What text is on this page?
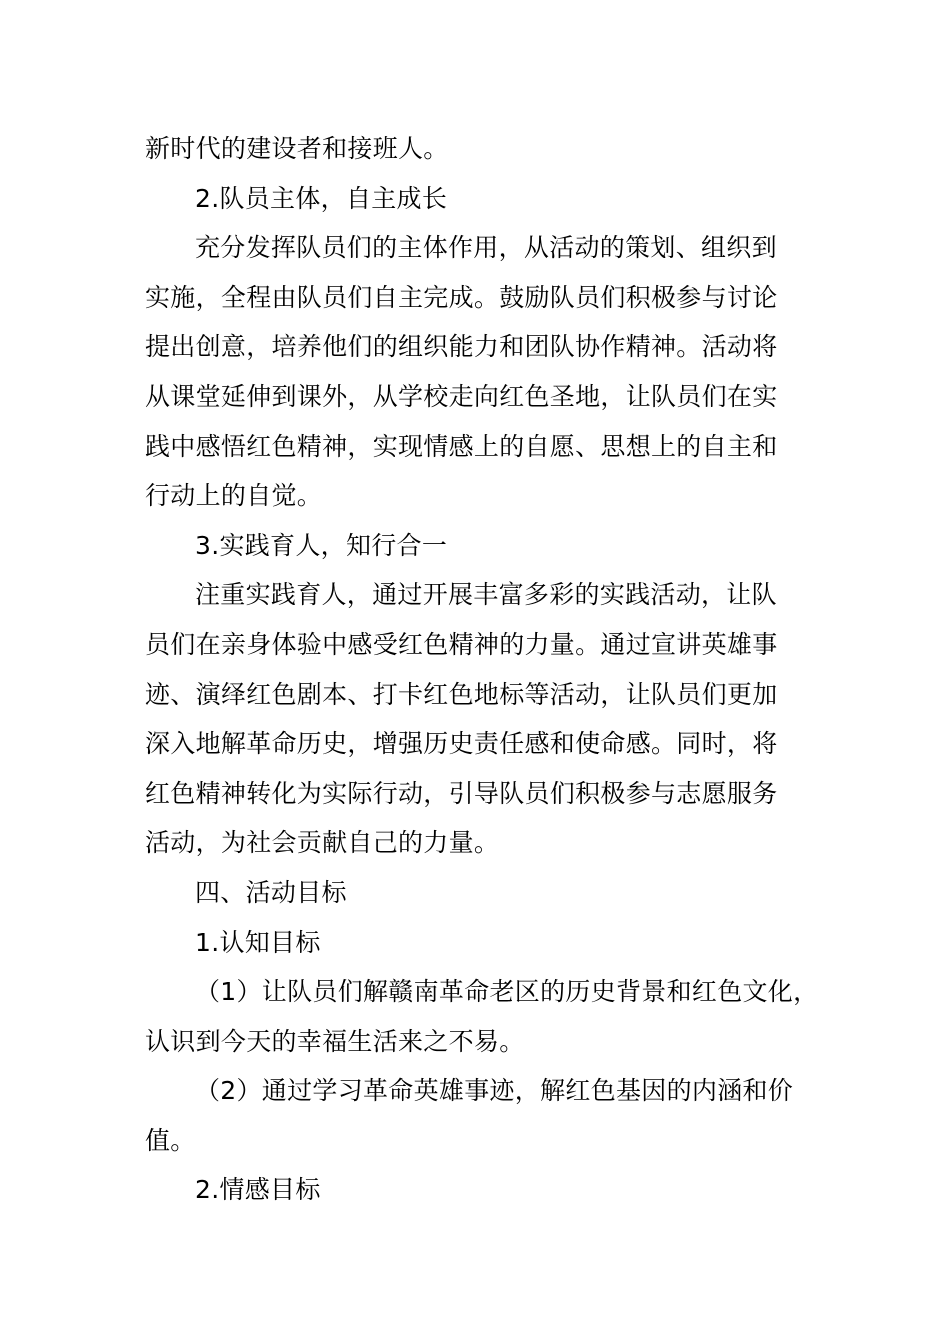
新时代的建设者和接班人。
2.队员主体，自主成长
充分发挥队员们的主体作用，从活动的策划、组织到
实施，全程由队员们自主完成。鼓励队员们积极参与讨论
提出创意，培养他们的组织能力和团队协作精神。活动将
从课堂延伸到课外，从学校走向红色圣地，让队员们在实
践中感悟红色精神，实现情感上的自愿、思想上的自主和
行动上的自觉。
3.实践育人，知行合一
注重实践育人，通过开展丰富多彩的实践活动，让队
员们在亲身体验中感受红色精神的力量。通过宣讲英雄事
迹、演绎红色剧本、打卡红色地标等活动，让队员们更加
深入地解革命历史，增强历史责任感和使命感。同时，将
红色精神转化为实际行动，引导队员们积极参与志愿服务
活动，为社会贡献自己的力量。
四、活动目标
1.认知目标
（1）让队员们解赣南革命老区的历史背景和红色文化，
认识到今天的幸福生活来之不易。
（2）通过学习革命英雄事迹，解红色基因的内涵和价
值。
2.情感目标
